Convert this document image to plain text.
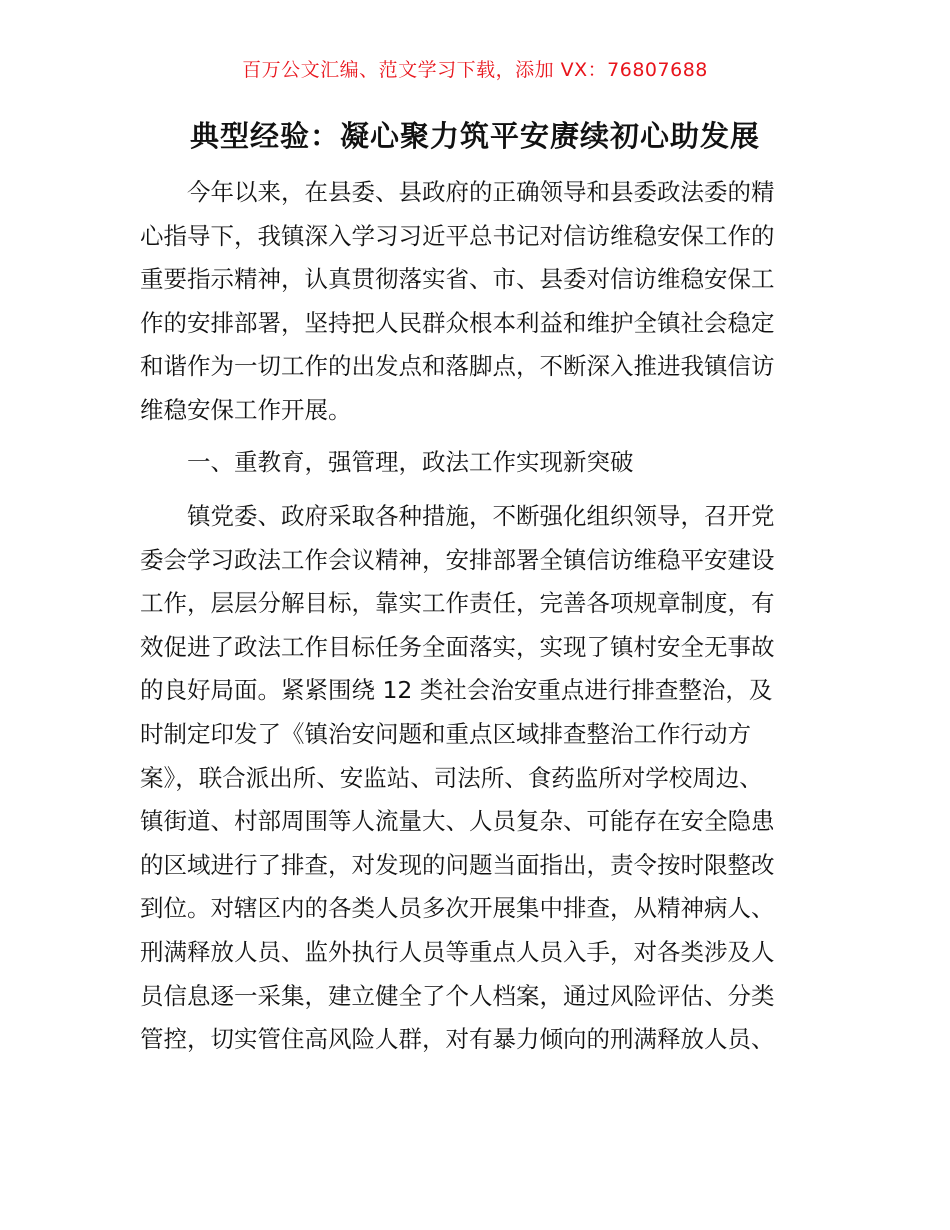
百万公文汇编、范文学习下载，添加 VX：76807688
典型经验：凝心聚力筑平安赓续初心助发展

今年以来，在县委、县政府的正确领导和县委政法委的精
心指导下，我镇深入学习习近平总书记对信访维稳安保工作的
重要指示精神，认真贯彻落实省、市、县委对信访维稳安保工
作的安排部署，坚持把人民群众根本利益和维护全镇社会稳定
和谐作为一切工作的出发点和落脚点，不断深入推进我镇信访
维稳安保工作开展。

一、重教育，强管理，政法工作实现新突破

镇党委、政府采取各种措施，不断强化组织领导，召开党
委会学习政法工作会议精神，安排部署全镇信访维稳平安建设
工作，层层分解目标，靠实工作责任，完善各项规章制度，有
效促进了政法工作目标任务全面落实，实现了镇村安全无事故
的良好局面。紧紧围绕 12 类社会治安重点进行排查整治，及
时制定印发了《镇治安问题和重点区域排查整治工作行动方
案》，联合派出所、安监站、司法所、食药监所对学校周边、
镇街道、村部周围等人流量大、人员复杂、可能存在安全隐患
的区域进行了排查，对发现的问题当面指出，责令按时限整改
到位。对辖区内的各类人员多次开展集中排查，从精神病人、
刑满释放人员、监外执行人员等重点人员入手，对各类涉及人
员信息逐一采集，建立健全了个人档案，通过风险评估、分类
管控，切实管住高风险人群，对有暴力倾向的刑满释放人员、
